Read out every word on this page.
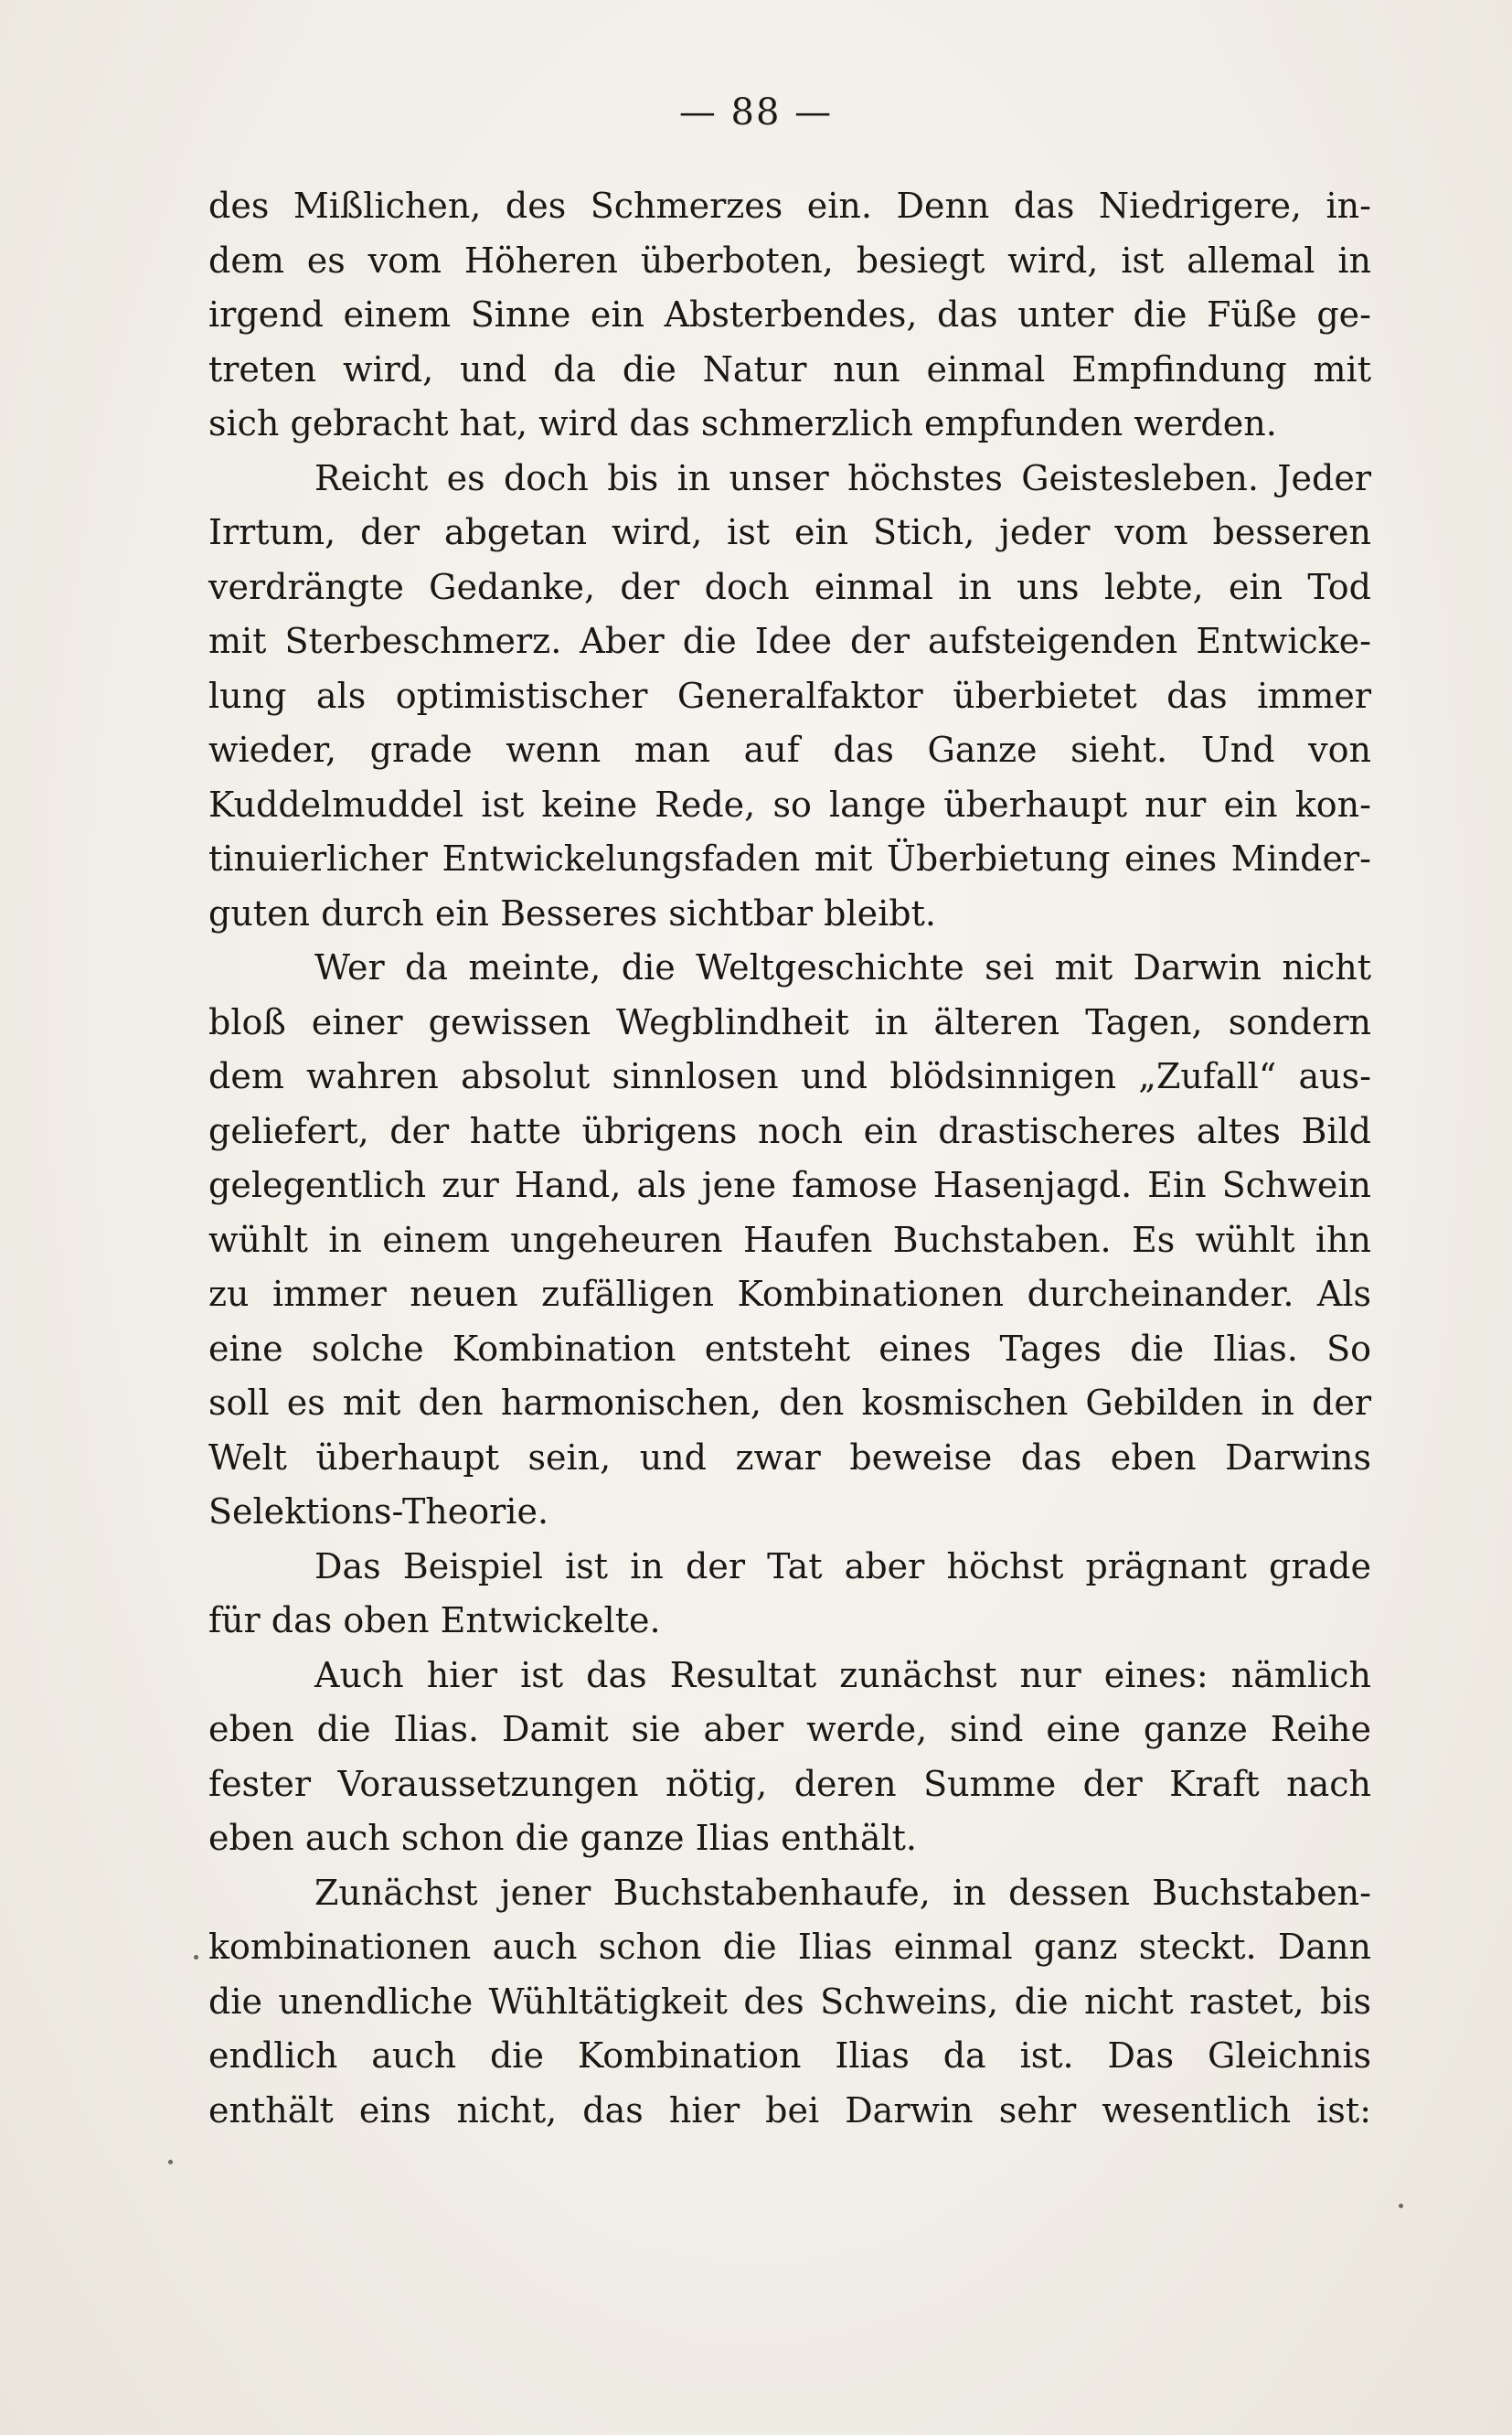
— 88 —
des Mißlichen, des Schmerzes ein. Denn das Niedrigere, in-
dem es vom Höheren überboten, besiegt wird, ist allemal in
irgend einem Sinne ein Absterbendes, das unter die Füße ge-
treten wird, und da die Natur nun einmal Empfindung mit
sich gebracht hat, wird das schmerzlich empfunden werden.
Reicht es doch bis in unser höchstes Geistesleben. Jeder
Irrtum, der abgetan wird, ist ein Stich, jeder vom besseren
verdrängte Gedanke, der doch einmal in uns lebte, ein Tod
mit Sterbeschmerz. Aber die Idee der aufsteigenden Entwicke-
lung als optimistischer Generalfaktor überbietet das immer
wieder, grade wenn man auf das Ganze sieht. Und von
Kuddelmuddel ist keine Rede, so lange überhaupt nur ein kon-
tinuierlicher Entwickelungsfaden mit Überbietung eines Minder-
guten durch ein Besseres sichtbar bleibt.
Wer da meinte, die Weltgeschichte sei mit Darwin nicht
bloß einer gewissen Wegblindheit in älteren Tagen, sondern
dem wahren absolut sinnlosen und blödsinnigen „Zufall“ aus-
geliefert, der hatte übrigens noch ein drastischeres altes Bild
gelegentlich zur Hand, als jene famose Hasenjagd. Ein Schwein
wühlt in einem ungeheuren Haufen Buchstaben. Es wühlt ihn
zu immer neuen zufälligen Kombinationen durcheinander. Als
eine solche Kombination entsteht eines Tages die Ilias. So
soll es mit den harmonischen, den kosmischen Gebilden in der
Welt überhaupt sein, und zwar beweise das eben Darwins
Selektions-Theorie.
Das Beispiel ist in der Tat aber höchst prägnant grade
für das oben Entwickelte.
Auch hier ist das Resultat zunächst nur eines: nämlich
eben die Ilias. Damit sie aber werde, sind eine ganze Reihe
fester Voraussetzungen nötig, deren Summe der Kraft nach
eben auch schon die ganze Ilias enthält.
Zunächst jener Buchstabenhaufe, in dessen Buchstaben-
kombinationen auch schon die Ilias einmal ganz steckt. Dann
die unendliche Wühltätigkeit des Schweins, die nicht rastet, bis
endlich auch die Kombination Ilias da ist. Das Gleichnis
enthält eins nicht, das hier bei Darwin sehr wesentlich ist:
